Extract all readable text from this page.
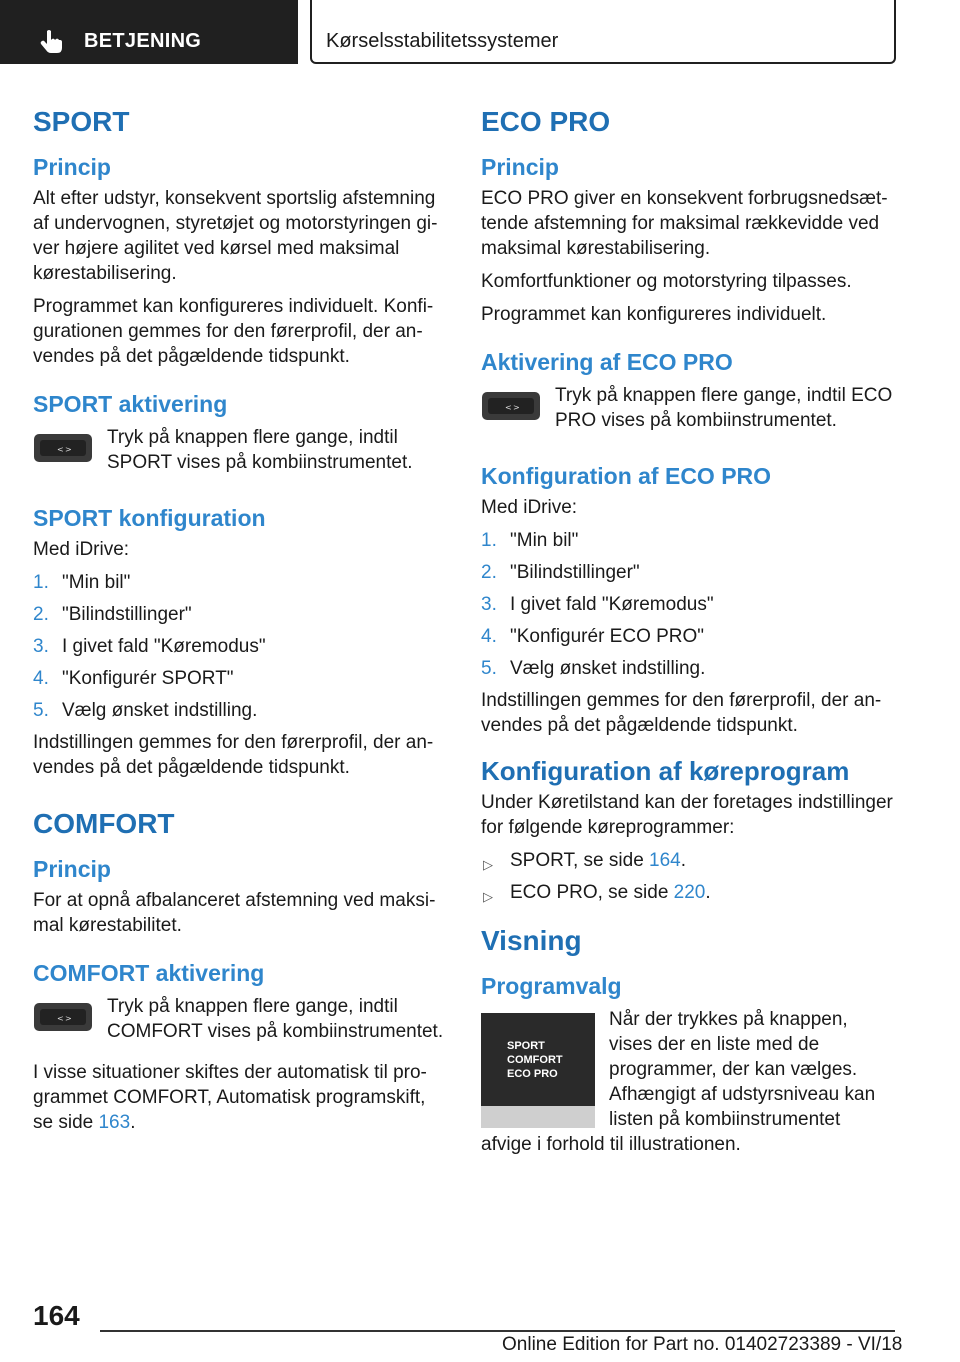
BETJENING	Kørselsstabilitetssystemer
SPORT
Princip

Alt efter udstyr, konsekvent sportslig afstemning af undervognen, styretøjet og motorstyringen giver højere agilitet ved kørsel med maksimal kørestabilisering.

Programmet kan konfigureres individuelt. Konfigurationen gemmes for den førerprofil, der anvendes på det pågældende tidspunkt.

SPORT aktivering
< >
Tryk på knappen flere gange, indtil SPORT vises på kombiinstrumentet.
SPORT konfiguration

Med iDrive:

1. "Min bil"
2. "Bilindstillinger"
3. I givet fald "Køremodus"
4. "Konfigurér SPORT"
5. Vælg ønsket indstilling.

Indstillingen gemmes for den førerprofil, der anvendes på det pågældende tidspunkt.

COMFORT
Princip

For at opnå afbalanceret afstemning ved maksimal kørestabilitet.

COMFORT aktivering
< >
Tryk på knappen flere gange, indtil COMFORT vises på kombiinstrumentet.

I visse situationer skiftes der automatisk til programmet COMFORT, Automatisk programskift, se side 163.

ECO PRO
Princip

ECO PRO giver en konsekvent forbrugsnedsættende afstemning for maksimal rækkevidde ved maksimal kørestabilisering.

Komfortfunktioner og motorstyring tilpasses.

Programmet kan konfigureres individuelt.

Aktivering af ECO PRO
< >
Tryk på knappen flere gange, indtil ECO PRO vises på kombiinstrumentet.
Konfiguration af ECO PRO

Med iDrive:

1. "Min bil"
2. "Bilindstillinger"
3. I givet fald "Køremodus"
4. "Konfigurér ECO PRO"
5. Vælg ønsket indstilling.

Indstillingen gemmes for den førerprofil, der anvendes på det pågældende tidspunkt.

Konfiguration af køreprogram

Under Køretilstand kan der foretages indstillinger for følgende køreprogrammer:

▷ SPORT, se side 164.
▷ ECO PRO, se side 220.
Visning
Programvalg
SPORT
COMFORT
ECO PRO
Når der trykkes på knappen, vises der en liste med de programmer, der kan vælges. Afhængigt af udstyrsniveau kan listen på kombiinstrumentet afvige i forhold til illustrationen.
164
Online Edition for Part no. 01402723389 - VI/18
